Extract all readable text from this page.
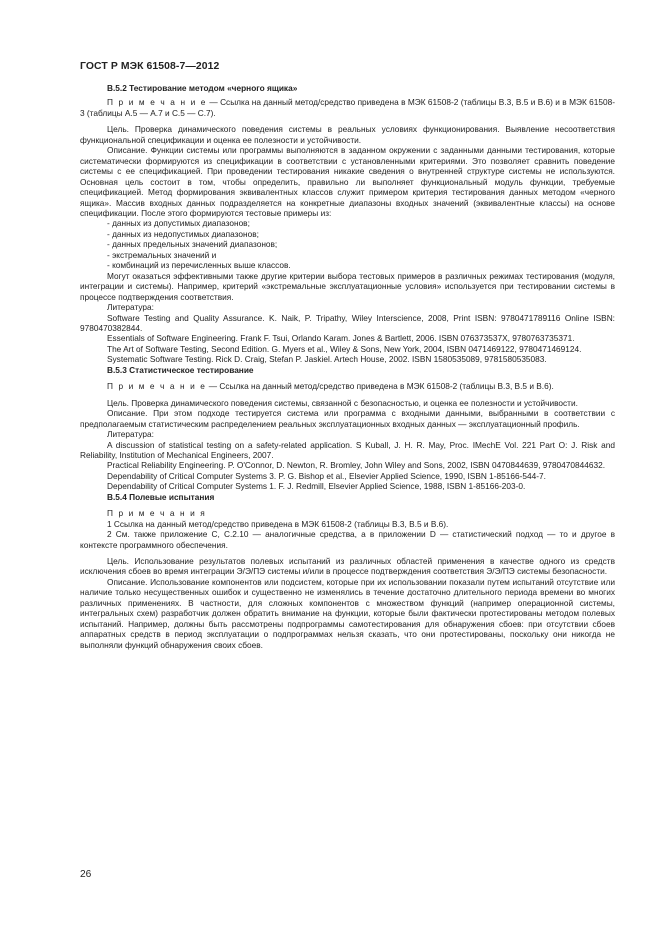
ГОСТ Р МЭК 61508-7—2012

B.5.2 Тестирование методом «черного ящика»

П р и м е ч а н и е — Ссылка на данный метод/средство приведена в МЭК 61508-2 (таблицы В.3, В.5 и В.6) и в МЭК 61508-3 (таблицы А.5 — А.7 и С.5 — С.7).

Цель. Проверка динамического поведения системы в реальных условиях функционирования. Выявление несоответствия функциональной спецификации и оценка ее полезности и устойчивости.

Описание. Функции системы или программы выполняются в заданном окружении с заданными данными тестирования, которые систематически формируются из спецификации в соответствии с установленными критериями. Это позволяет сравнить поведение системы с ее спецификацией. При проведении тестирования никакие сведения о внутренней структуре системы не используются. Основная цель состоит в том, чтобы определить, правильно ли выполняет функциональный модуль функции, требуемые спецификацией. Метод формирования эквивалентных классов служит примером критерия тестирования данных методом «черного ящика». Массив входных данных подразделяется на конкретные диапазоны входных значений (эквивалентные классы) на основе спецификации. После этого формируются тестовые примеры из:

- данных из допустимых диапазонов;

- данных из недопустимых диапазонов;

- данных предельных значений диапазонов;

- экстремальных значений и

- комбинаций из перечисленных выше классов.

Могут оказаться эффективными также другие критерии выбора тестовых примеров в различных режимах тестирования (модуля, интеграции и системы). Например, критерий «экстремальные эксплуатационные условия» используется при тестировании системы в процессе подтверждения соответствия.

Литература:

Software Testing and Quality Assurance. K. Naik, P. Tripathy, Wiley Interscience, 2008, Print ISBN: 9780471789116 Online ISBN: 9780470382844.

Essentials of Software Engineering. Frank F. Tsui, Orlando Karam. Jones & Bartlett, 2006. ISBN 076373537X, 9780763735371.

The Art of Software Testing, Second Edition. G. Myers et al., Wiley & Sons, New York, 2004, ISBN 0471469122, 9780471469124.

Systematic Software Testing. Rick D. Craig, Stefan P. Jaskiel. Artech House, 2002. ISBN 1580535089, 9781580535083.

B.5.3 Статистическое тестирование

П р и м е ч а н и е — Ссылка на данный метод/средство приведена в МЭК 61508-2 (таблицы В.3, В.5 и В.6).

Цель. Проверка динамического поведения системы, связанной с безопасностью, и оценка ее полезности и устойчивости.

Описание. При этом подходе тестируется система или программа с входными данными, выбранными в соответствии с предполагаемым статистическим распределением реальных эксплуатационных входных данных — эксплуатационный профиль.

Литература:

A discussion of statistical testing on a safety-related application. S Kuball, J. H. R. May, Proc. IMechE Vol. 221 Part O: J. Risk and Reliability, Institution of Mechanical Engineers, 2007.

Practical Reliability Engineering. P. O'Connor, D. Newton, R. Bromley, John Wiley and Sons, 2002, ISBN 0470844639, 9780470844632.

Dependability of Critical Computer Systems 3. P. G. Bishop et al., Elsevier Applied Science, 1990, ISBN 1-85166-544-7.

Dependability of Critical Computer Systems 1. F. J. Redmill, Elsevier Applied Science, 1988, ISBN 1-85166-203-0.

B.5.4 Полевые испытания

П р и м е ч а н и я

1 Ссылка на данный метод/средство приведена в МЭК 61508-2 (таблицы В.3, В.5 и В.6).

2 См. также приложение С, С.2.10 — аналогичные средства, а в приложении D — статистический подход — то и другое в контексте программного обеспечения.

Цель. Использование результатов полевых испытаний из различных областей применения в качестве одного из средств исключения сбоев во время интеграции Э/Э/ПЭ системы и/или в процессе подтверждения соответствия Э/Э/ПЭ системы безопасности.

Описание. Использование компонентов или подсистем, которые при их использовании показали путем испытаний отсутствие или наличие только несущественных ошибок и существенно не изменялись в течение достаточно длительного периода времени во многих различных применениях. В частности, для сложных компонентов с множеством функций (например операционной системы, интегральных схем) разработчик должен обратить внимание на функции, которые были фактически протестированы методом полевых испытаний. Например, должны быть рассмотрены подпрограммы самотестирования для обнаружения сбоев: при отсутствии сбоев аппаратных средств в период эксплуатации о подпрограммах нельзя сказать, что они протестированы, поскольку они никогда не выполняли функций обнаружения своих сбоев.

26
